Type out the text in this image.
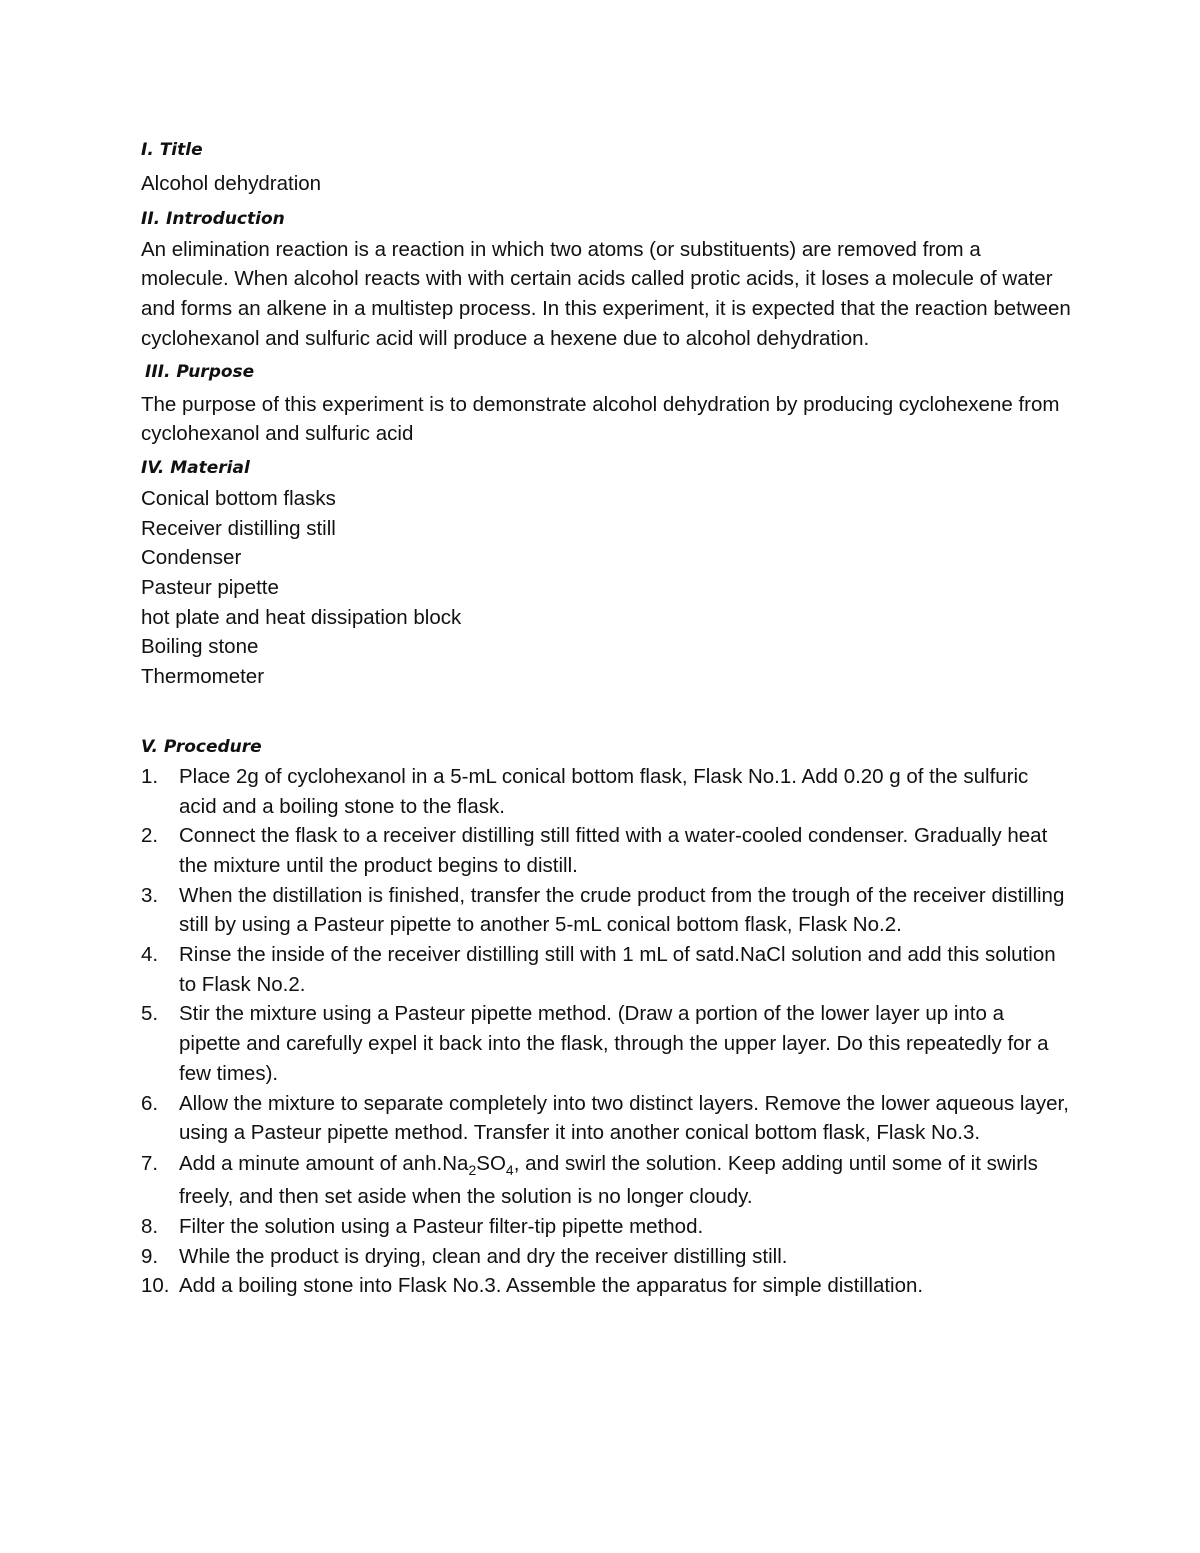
I. Title
Alcohol dehydration
II. Introduction
An elimination reaction is a reaction in which two atoms (or substituents) are removed from a molecule. When alcohol reacts with with certain acids called protic acids, it loses a molecule of water and forms an alkene in a multistep process. In this experiment, it is expected that the reaction between cyclohexanol and sulfuric acid will produce a hexene due to alcohol dehydration.
III. Purpose
The purpose of this experiment is to demonstrate alcohol dehydration by producing cyclohexene from cyclohexanol and sulfuric acid
IV. Material
Conical bottom flasks
Receiver distilling still
Condenser
Pasteur pipette
hot plate and heat dissipation block
Boiling stone
Thermometer
V. Procedure
1. Place 2g of cyclohexanol in a 5-mL conical bottom flask, Flask No.1. Add 0.20 g of the sulfuric acid and a boiling stone to the flask.
2. Connect the flask to a receiver distilling still fitted with a water-cooled condenser. Gradually heat the mixture until the product begins to distill.
3. When the distillation is finished, transfer the crude product from the trough of the receiver distilling still by using a Pasteur pipette to another 5-mL conical bottom flask, Flask No.2.
4. Rinse the inside of the receiver distilling still with 1 mL of satd.NaCl solution and add this solution to Flask No.2.
5. Stir the mixture using a Pasteur pipette method. (Draw a portion of the lower layer up into a pipette and carefully expel it back into the flask, through the upper layer. Do this repeatedly for a few times).
6. Allow the mixture to separate completely into two distinct layers. Remove the lower aqueous layer, using a Pasteur pipette method. Transfer it into another conical bottom flask, Flask No.3.
7. Add a minute amount of $anh.Na_2SO_4$, and swirl the solution. Keep adding until some of it swirls freely, and then set aside when the solution is no longer cloudy.
8. Filter the solution using a Pasteur filter-tip pipette method.
9. While the product is drying, clean and dry the receiver distilling still.
10. Add a boiling stone into Flask No.3. Assemble the apparatus for simple distillation.
